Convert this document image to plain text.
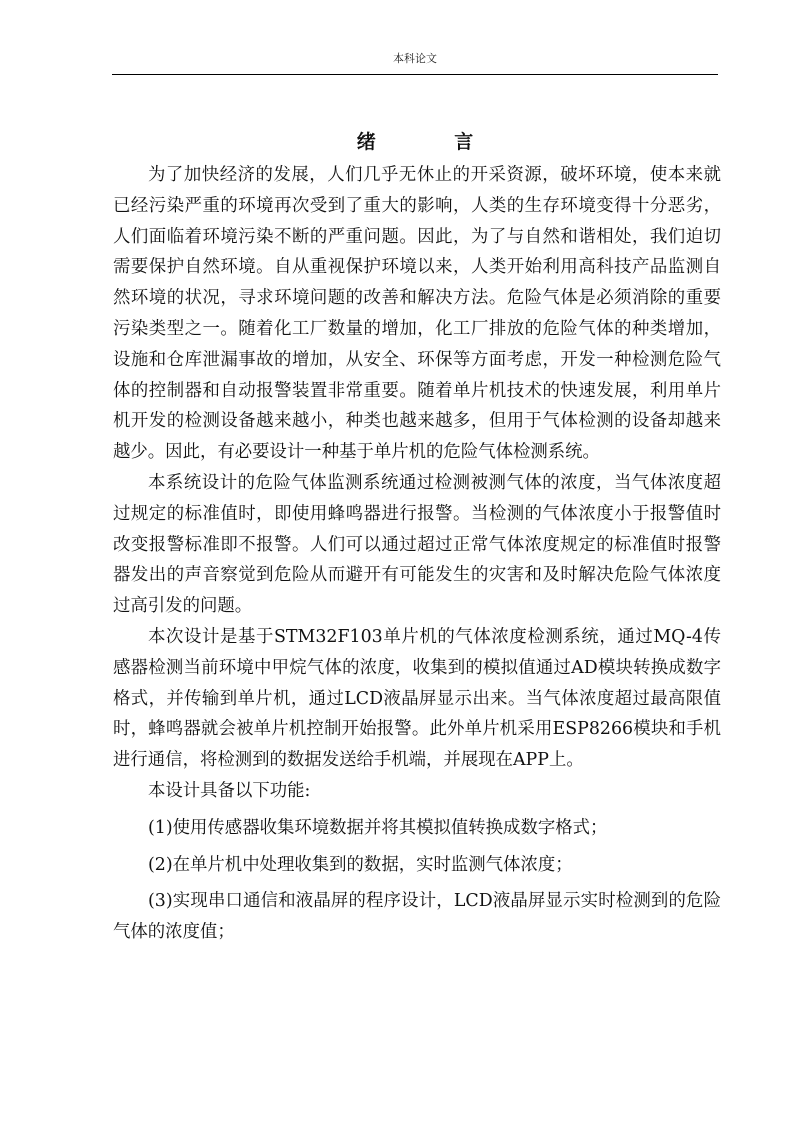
本科论文
绪 言

为了加快经济的发展，人们几乎无休止的开采资源，破坏环境，使本来就已经污染严重的环境再次受到了重大的影响，人类的生存环境变得十分恶劣，人们面临着环境污染不断的严重问题。因此，为了与自然和谐相处，我们迫切需要保护自然环境。自从重视保护环境以来，人类开始利用高科技产品监测自然环境的状况，寻求环境问题的改善和解决方法。危险气体是必须消除的重要污染类型之一。随着化工厂数量的增加，化工厂排放的危险气体的种类增加，设施和仓库泄漏事故的增加，从安全、环保等方面考虑，开发一种检测危险气体的控制器和自动报警装置非常重要。随着单片机技术的快速发展，利用单片机开发的检测设备越来越小，种类也越来越多，但用于气体检测的设备却越来越少。因此，有必要设计一种基于单片机的危险气体检测系统。

本系统设计的危险气体监测系统通过检测被测气体的浓度，当气体浓度超过规定的标准值时，即使用蜂鸣器进行报警。当检测的气体浓度小于报警值时改变报警标准即不报警。人们可以通过超过正常气体浓度规定的标准值时报警器发出的声音察觉到危险从而避开有可能发生的灾害和及时解决危险气体浓度过高引发的问题。

本次设计是基于STM32F103单片机的气体浓度检测系统，通过MQ-4传感器检测当前环境中甲烷气体的浓度，收集到的模拟值通过AD模块转换成数字格式，并传输到单片机，通过LCD液晶屏显示出来。当气体浓度超过最高限值时，蜂鸣器就会被单片机控制开始报警。此外单片机采用ESP8266模块和手机进行通信，将检测到的数据发送给手机端，并展现在APP上。

本设计具备以下功能:

(1)使用传感器收集环境数据并将其模拟值转换成数字格式；

(2)在单片机中处理收集到的数据，实时监测气体浓度；

(3)实现串口通信和液晶屏的程序设计，LCD液晶屏显示实时检测到的危险气体的浓度值；
